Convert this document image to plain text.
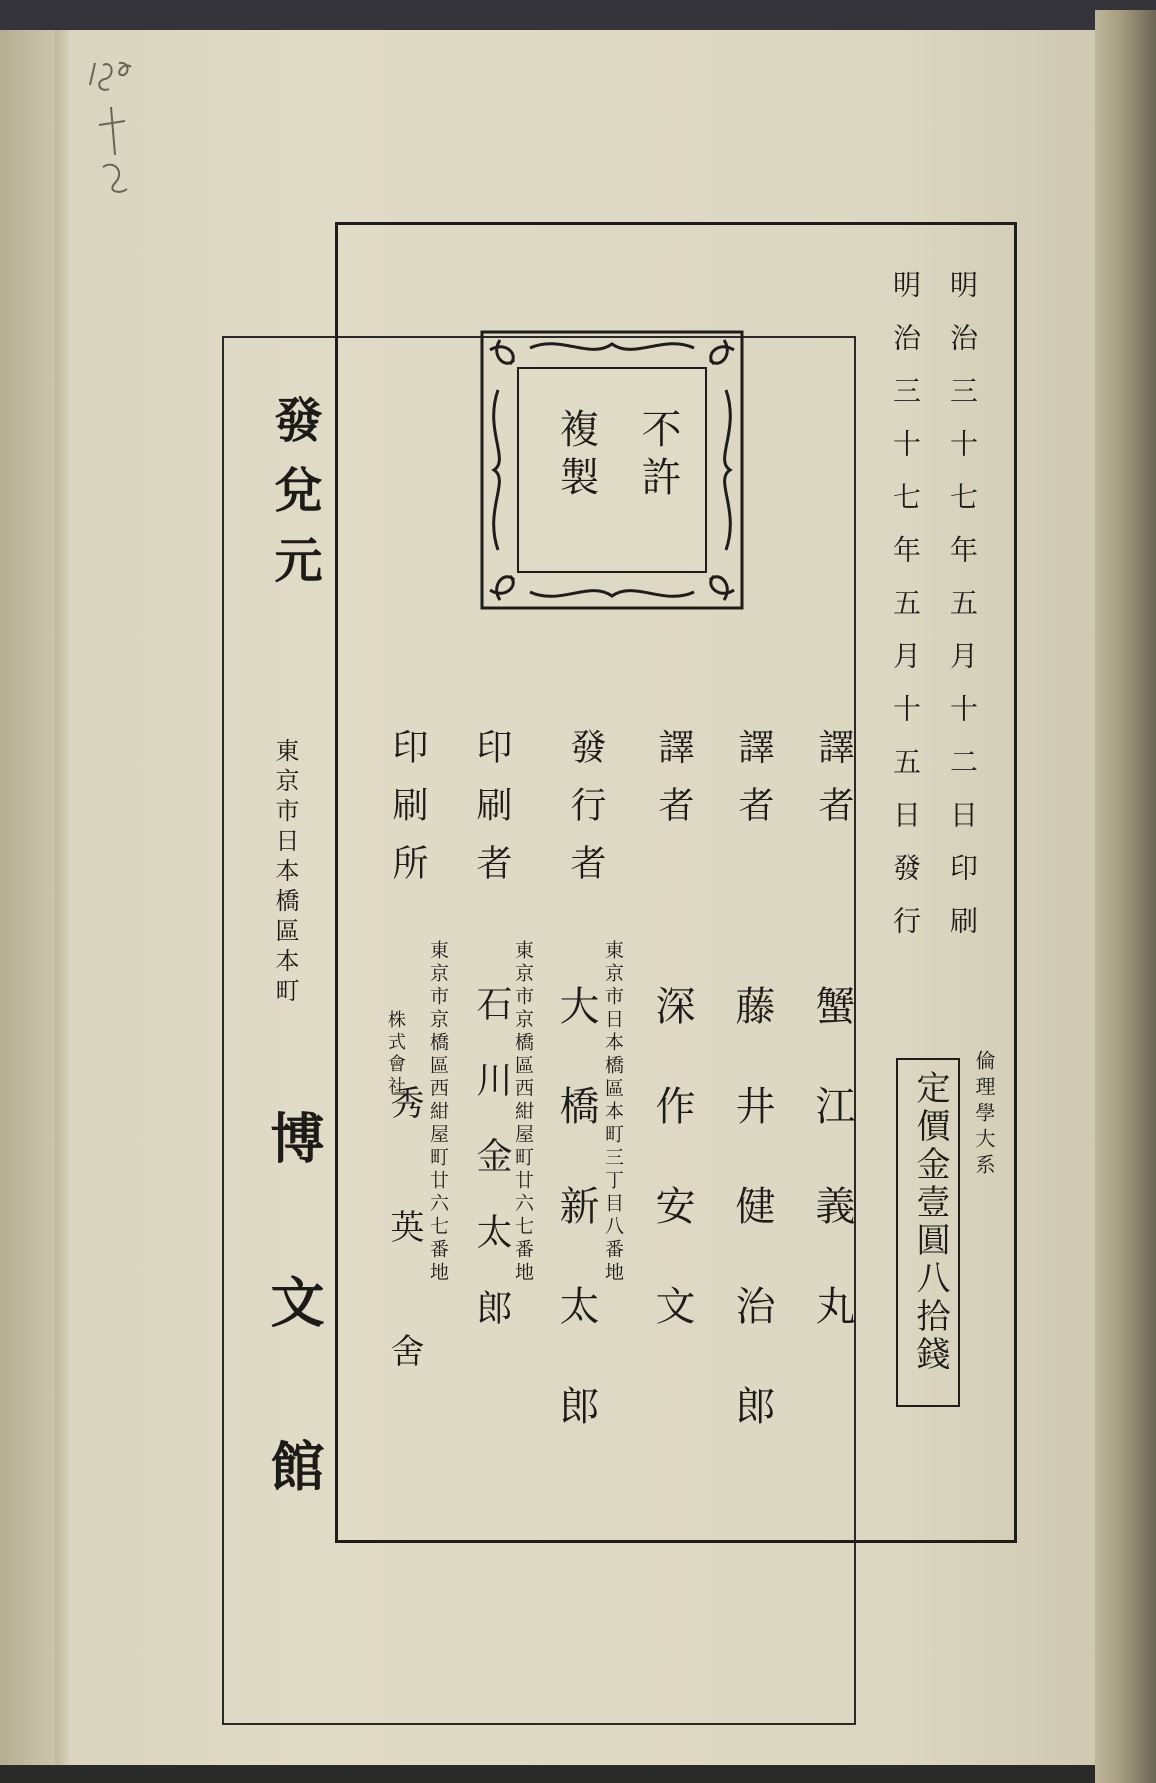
不許
複製	明治三十七年五月十二日印刷
明治三十七年五月十五日發行
倫理學大系
定價金壹圓八拾錢
譯者
蟹江義丸
譯者
藤井健治郎
譯者
深作安文
發行者
東京市日本橋區本町三丁目八番地
大橋新太郎
印刷者
東京市京橋區西紺屋町廿六七番地
石川金太郎
印刷所
東京市京橋區西紺屋町廿六七番地
株式會社
秀英舍
發兌元
東京市日本橋區本町
博文館
